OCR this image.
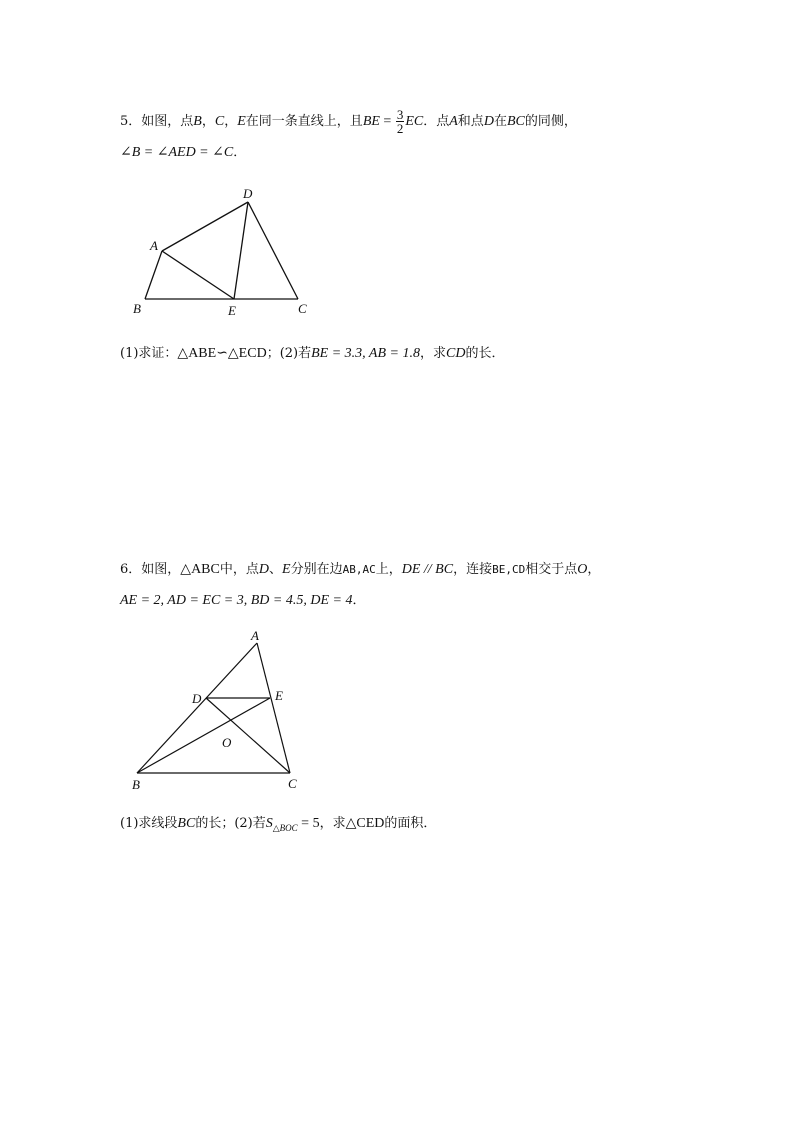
5．如图，点B，C，E在同一条直线上，且BE = $\frac{3}{2}$ EC．点A和点D在BC的同侧，
∠B = ∠AED = ∠C．
D
A
B	E	C
(1)求证：△ABE∽△ECD；(2)若BE = 3.3, AB = 1.8，求CD的长．
6．如图，△ABC中，点D、E分别在边AB,AC上，DE // BC，连接BE,CD相交于点O，
AE = 2, AD = EC = 3, BD = 4.5, DE = 4．
A
D	E
O
B	C
(1)求线段BC的长；(2)若$S_{\triangle BOC} = 5$，求△CED的面积．
